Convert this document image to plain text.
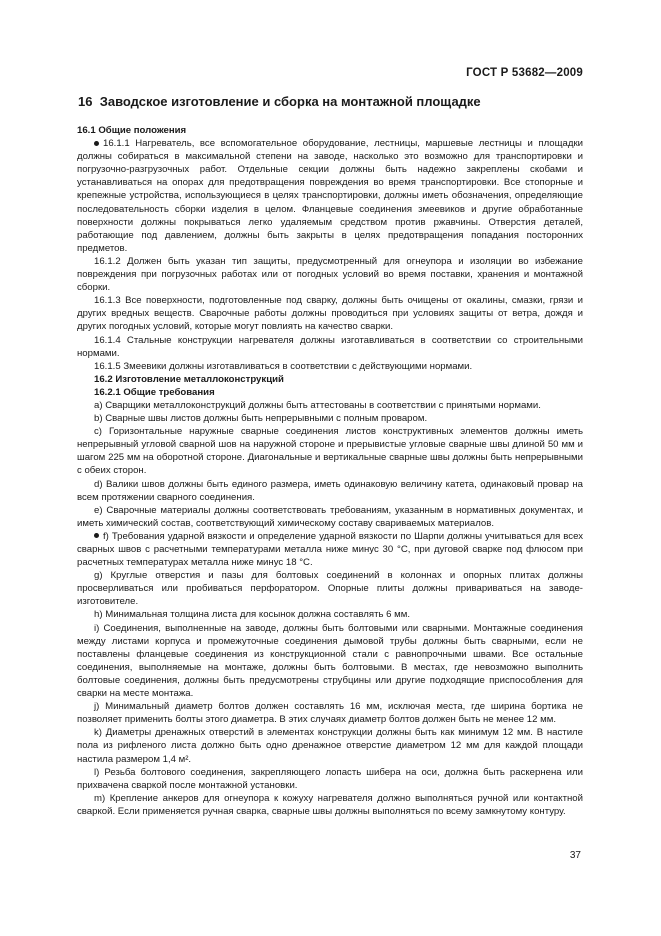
ГОСТ Р 53682—2009
16 Заводское изготовление и сборка на монтажной площадке

16.1 Общие положения

16.1.1 Нагреватель, все вспомогательное оборудование, лестницы, маршевые лестницы и площадки должны собираться в максимальной степени на заводе, насколько это возможно для транспортировки и погрузочно-разгрузочных работ. Отдельные секции должны быть надежно закреплены скобами и устанавливаться на опорах для предотвращения повреждения во время транспортировки. Все стопорные и крепежные устройства, использующиеся в целях транспортировки, должны иметь обозначения, определяющие последовательность сборки изделия в целом. Фланцевые соединения змеевиков и другие обработанные поверхности должны покрываться легко удаляемым средством против ржавчины. Отверстия деталей, работающие под давлением, должны быть закрыты в целях предотвращения попадания посторонних предметов.

16.1.2 Должен быть указан тип защиты, предусмотренный для огнеупора и изоляции во избежание повреждения при погрузочных работах или от погодных условий во время поставки, хранения и монтажной сборки.

16.1.3 Все поверхности, подготовленные под сварку, должны быть очищены от окалины, смазки, грязи и других вредных веществ. Сварочные работы должны проводиться при условиях защиты от ветра, дождя и других погодных условий, которые могут повлиять на качество сварки.

16.1.4 Стальные конструкции нагревателя должны изготавливаться в соответствии со строительными нормами.

16.1.5 Змеевики должны изготавливаться в соответствии с действующими нормами.

16.2 Изготовление металлоконструкций

16.2.1 Общие требования

a) Сварщики металлоконструкций должны быть аттестованы в соответствии с принятыми нормами.

b) Сварные швы листов должны быть непрерывными с полным проваром.

c) Горизонтальные наружные сварные соединения листов конструктивных элементов должны иметь непрерывный угловой сварной шов на наружной стороне и прерывистые угловые сварные швы длиной 50 мм и шагом 225 мм на оборотной стороне. Диагональные и вертикальные сварные швы должны быть непрерывными с обеих сторон.

d) Валики швов должны быть единого размера, иметь одинаковую величину катета, одинаковый провар на всем протяжении сварного соединения.

e) Сварочные материалы должны соответствовать требованиям, указанным в нормативных документах, и иметь химический состав, соответствующий химическому составу свариваемых материалов.

f) Требования ударной вязкости и определение ударной вязкости по Шарпи должны учитываться для всех сварных швов с расчетными температурами металла ниже минус 30 °С, при дуговой сварке под флюсом при расчетных температурах металла ниже минус 18 °С.

g) Круглые отверстия и пазы для болтовых соединений в колоннах и опорных плитах должны просверливаться или пробиваться перфоратором. Опорные плиты должны привариваться на заводе-изготовителе.

h) Минимальная толщина листа для косынок должна составлять 6 мм.

i) Соединения, выполненные на заводе, должны быть болтовыми или сварными. Монтажные соединения между листами корпуса и промежуточные соединения дымовой трубы должны быть сварными, если не поставлены фланцевые соединения из конструкционной стали с равнопрочными швами. Все остальные соединения, выполняемые на монтаже, должны быть болтовыми. В местах, где невозможно выполнить болтовые соединения, должны быть предусмотрены струбцины или другие подходящие приспособления для сварки на месте монтажа.

j) Минимальный диаметр болтов должен составлять 16 мм, исключая места, где ширина бортика не позволяет применить болты этого диаметра. В этих случаях диаметр болтов должен быть не менее 12 мм.

k) Диаметры дренажных отверстий в элементах конструкции должны быть как минимум 12 мм. В настиле пола из рифленого листа должно быть одно дренажное отверстие диаметром 12 мм для каждой площади настила размером 1,4 м².

l) Резьба болтового соединения, закрепляющего лопасть шибера на оси, должна быть раскернена или прихвачена сваркой после монтажной установки.

m) Крепление анкеров для огнеупора к кожуху нагревателя должно выполняться ручной или контактной сваркой. Если применяется ручная сварка, сварные швы должны выполняться по всему замкнутому контуру.

37
